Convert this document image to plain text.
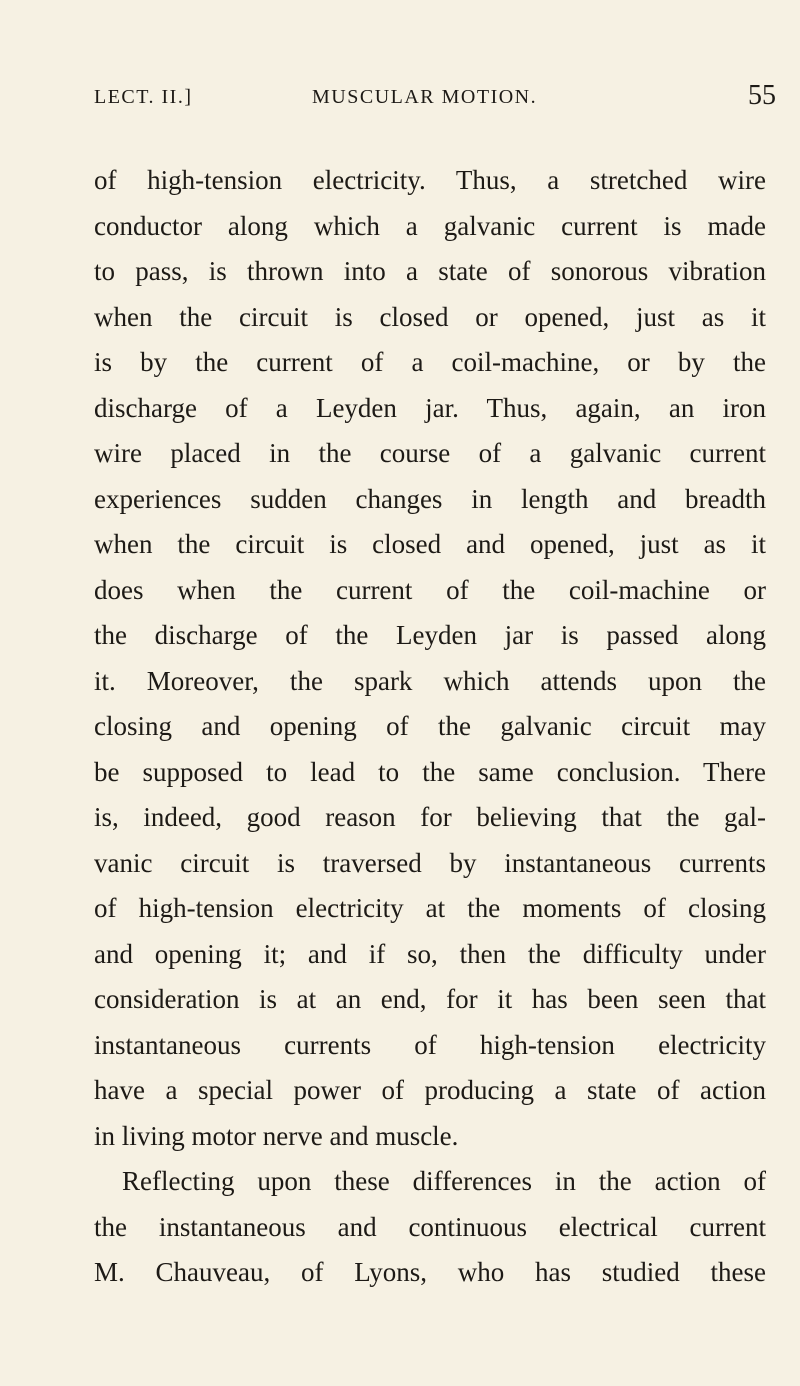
LECT. II.]	MUSCULAR MOTION.	55
of high-tension electricity. Thus, a stretched wire
conductor along which a galvanic current is made
to pass, is thrown into a state of sonorous vibration
when the circuit is closed or opened, just as it
is by the current of a coil-machine, or by the
discharge of a Leyden jar. Thus, again, an iron
wire placed in the course of a galvanic current
experiences sudden changes in length and breadth
when the circuit is closed and opened, just as it
does when the current of the coil-machine or
the discharge of the Leyden jar is passed along
it. Moreover, the spark which attends upon the
closing and opening of the galvanic circuit may
be supposed to lead to the same conclusion. There
is, indeed, good reason for believing that the gal-
vanic circuit is traversed by instantaneous currents
of high-tension electricity at the moments of closing
and opening it; and if so, then the difficulty under
consideration is at an end, for it has been seen that
instantaneous currents of high-tension electricity
have a special power of producing a state of action
in living motor nerve and muscle.
Reflecting upon these differences in the action of
the instantaneous and continuous electrical current
M. Chauveau, of Lyons, who has studied these
